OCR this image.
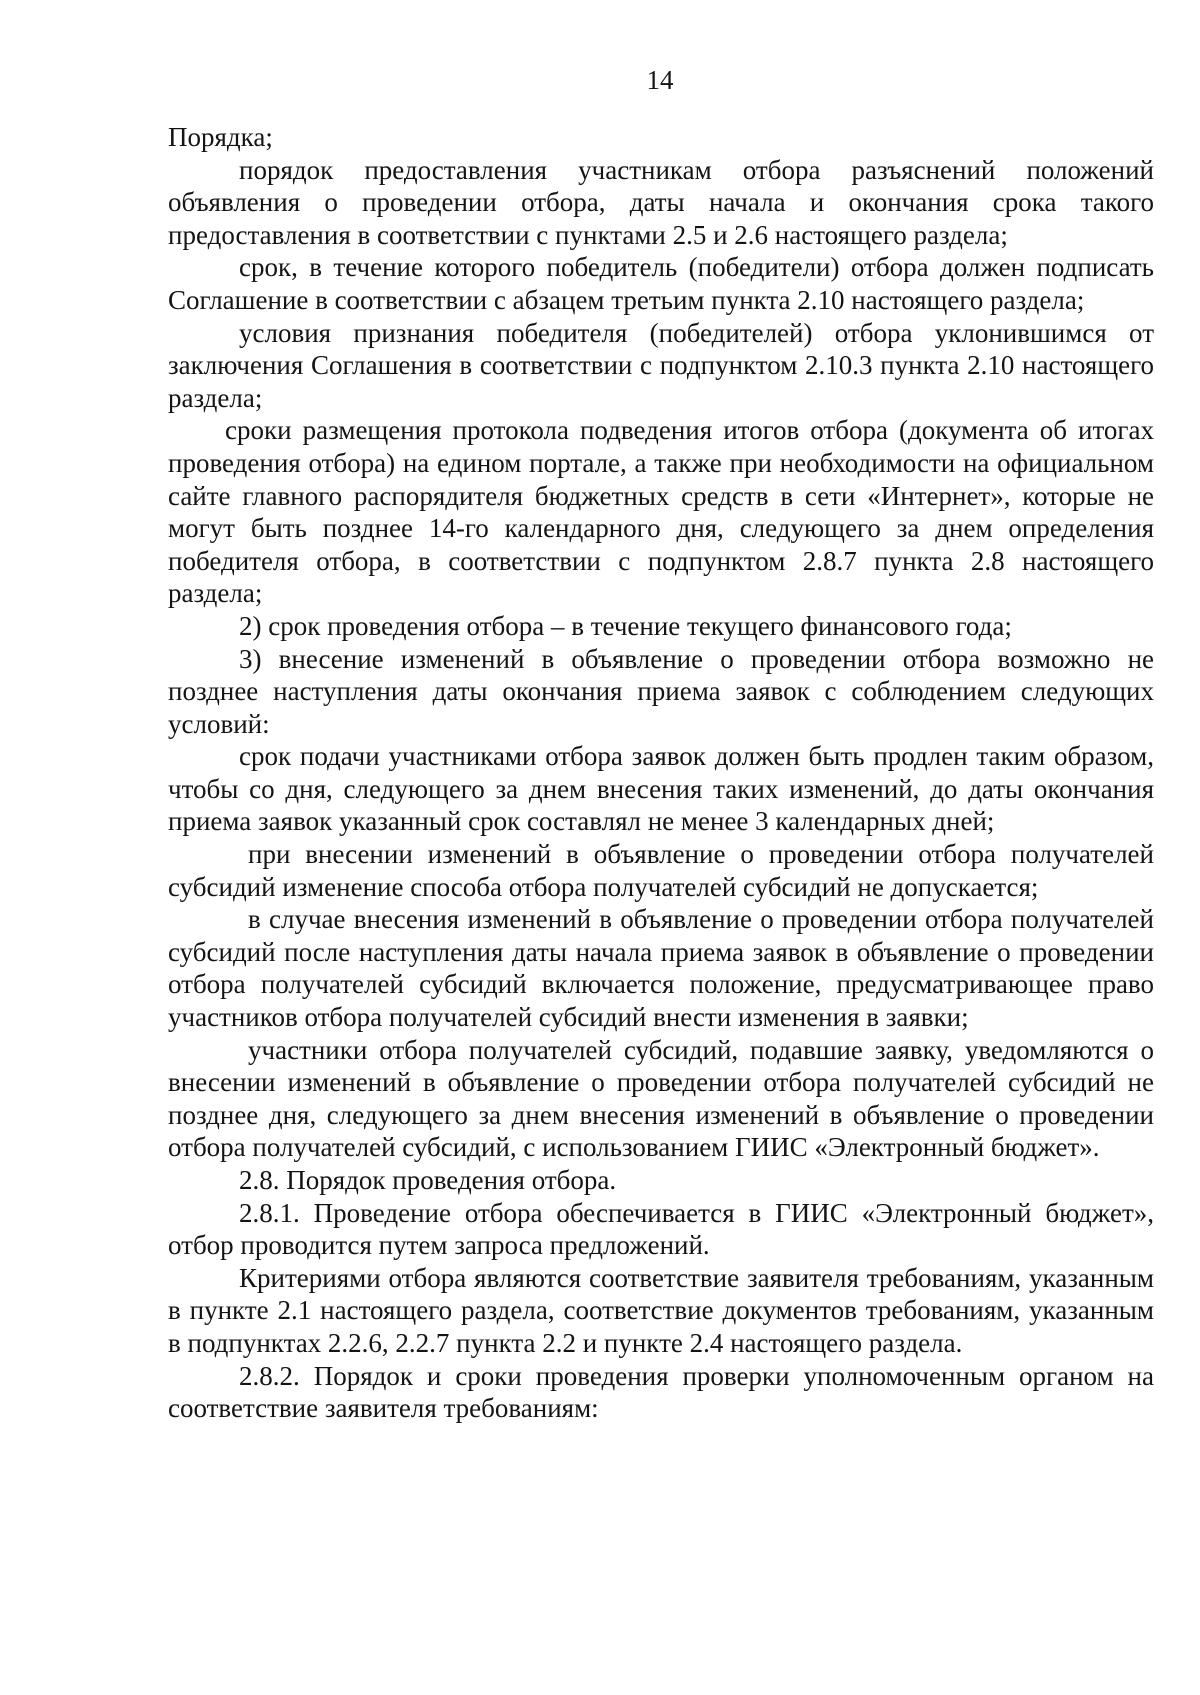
14

Порядка;

порядок предоставления участникам отбора разъяснений положений объявления о проведении отбора, даты начала и окончания срока такого предоставления в соответствии с пунктами 2.5 и 2.6 настоящего раздела;

срок, в течение которого победитель (победители) отбора должен подписать Соглашение в соответствии с абзацем третьим пункта 2.10 настоящего раздела;

условия признания победителя (победителей) отбора уклонившимся от заключения Соглашения в соответствии с подпунктом 2.10.3 пункта 2.10 настоящего раздела;

сроки размещения протокола подведения итогов отбора (документа об итогах проведения отбора) на едином портале, а также при необходимости на официальном сайте главного распорядителя бюджетных средств в сети «Интернет», которые не могут быть позднее 14-го календарного дня, следующего за днем определения победителя отбора, в соответствии с подпунктом 2.8.7 пункта 2.8 настоящего раздела;

2) срок проведения отбора – в течение текущего финансового года;

3) внесение изменений в объявление о проведении отбора возможно не позднее наступления даты окончания приема заявок с соблюдением следующих условий:

срок подачи участниками отбора заявок должен быть продлен таким образом, чтобы со дня, следующего за днем внесения таких изменений, до даты окончания приема заявок указанный срок составлял не менее 3 календарных дней;

при внесении изменений в объявление о проведении отбора получателей субсидий изменение способа отбора получателей субсидий не допускается;

в случае внесения изменений в объявление о проведении отбора получателей субсидий после наступления даты начала приема заявок в объявление о проведении отбора получателей субсидий включается положение, предусматривающее право участников отбора получателей субсидий внести изменения в заявки;

участники отбора получателей субсидий, подавшие заявку, уведомляются о внесении изменений в объявление о проведении отбора получателей субсидий не позднее дня, следующего за днем внесения изменений в объявление о проведении отбора получателей субсидий, с использованием ГИИС «Электронный бюджет».

2.8. Порядок проведения отбора.

2.8.1. Проведение отбора обеспечивается в ГИИС «Электронный бюджет», отбор проводится путем запроса предложений.

Критериями отбора являются соответствие заявителя требованиям, указанным в пункте 2.1 настоящего раздела, соответствие документов требованиям, указанным в подпунктах 2.2.6, 2.2.7 пункта 2.2 и пункте 2.4 настоящего раздела.

2.8.2. Порядок и сроки проведения проверки уполномоченным органом на соответствие заявителя требованиям:
